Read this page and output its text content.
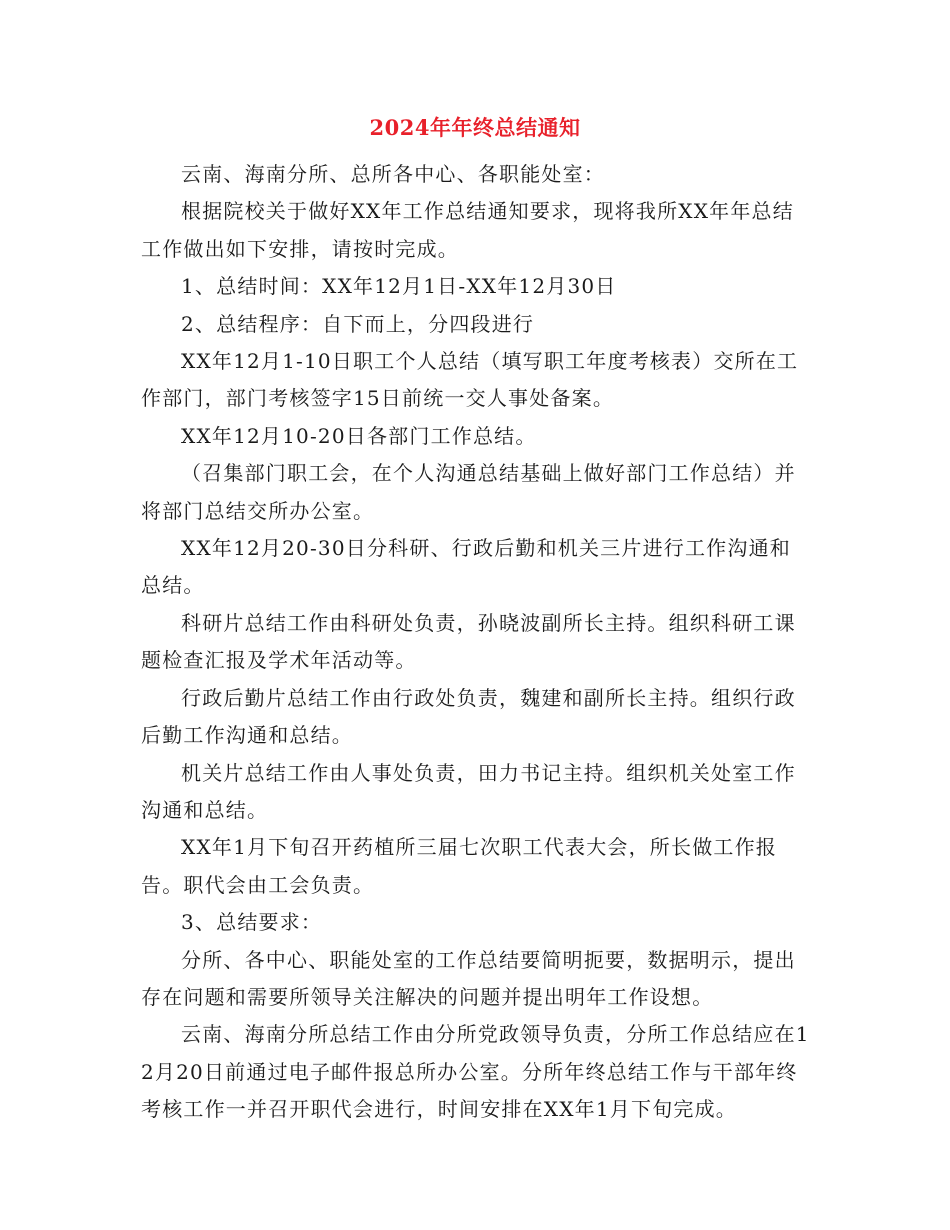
2024年年终总结通知

云南、海南分所、总所各中心、各职能处室：

根据院校关于做好XX年工作总结通知要求，现将我所XX年年总结工作做出如下安排，请按时完成。

1、总结时间：XX年12月1日-XX年12月30日

2、总结程序：自下而上，分四段进行

XX年12月1-10日职工个人总结（填写职工年度考核表）交所在工作部门，部门考核签字15日前统一交人事处备案。

XX年12月10-20日各部门工作总结。

（召集部门职工会，在个人沟通总结基础上做好部门工作总结）并将部门总结交所办公室。

XX年12月20-30日分科研、行政后勤和机关三片进行工作沟通和总结。

科研片总结工作由科研处负责，孙晓波副所长主持。组织科研工课题检查汇报及学术年活动等。

行政后勤片总结工作由行政处负责，魏建和副所长主持。组织行政后勤工作沟通和总结。

机关片总结工作由人事处负责，田力书记主持。组织机关处室工作沟通和总结。

XX年1月下旬召开药植所三届七次职工代表大会，所长做工作报告。职代会由工会负责。

3、总结要求：

分所、各中心、职能处室的工作总结要简明扼要，数据明示，提出存在问题和需要所领导关注解决的问题并提出明年工作设想。

云南、海南分所总结工作由分所党政领导负责，分所工作总结应在12月20日前通过电子邮件报总所办公室。分所年终总结工作与干部年终考核工作一并召开职代会进行，时间安排在XX年1月下旬完成。
